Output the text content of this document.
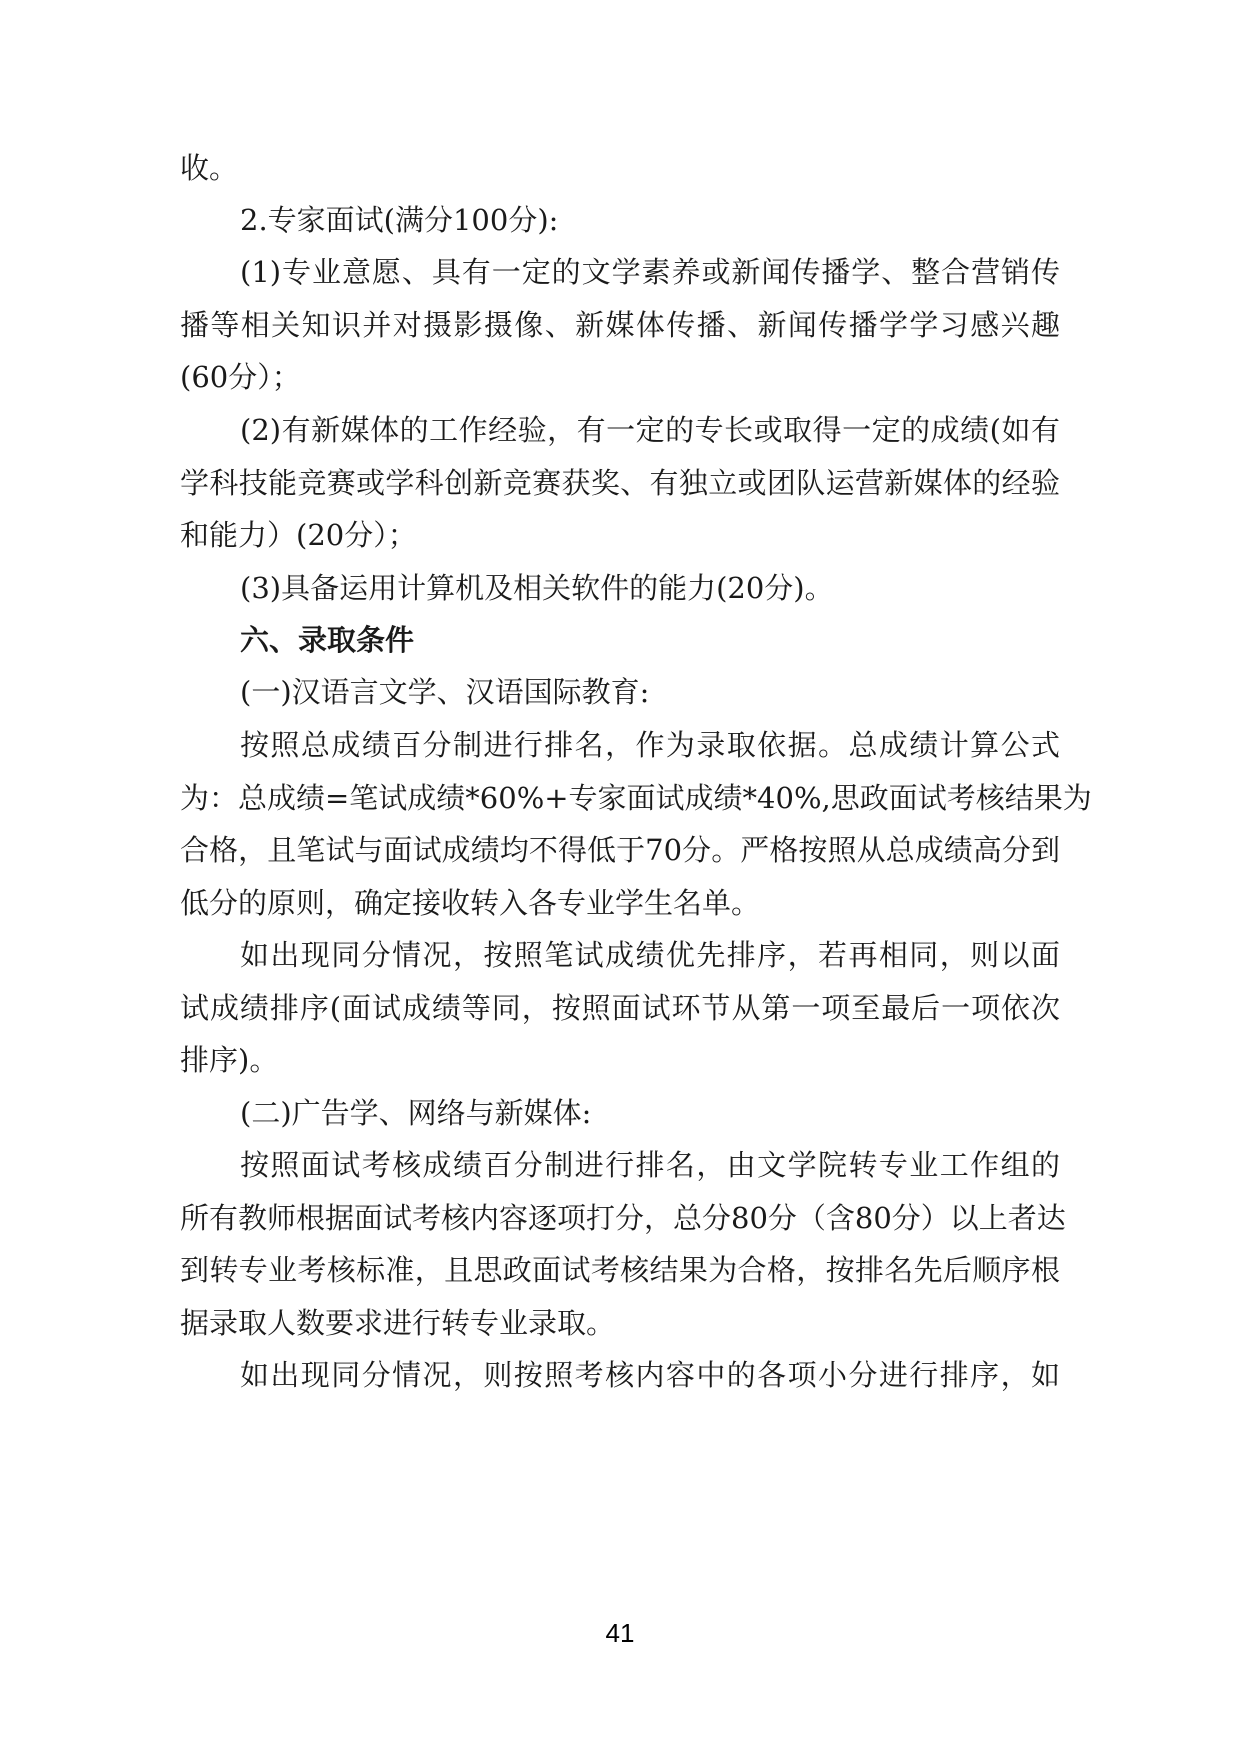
收。
2.专家面试(满分100分):
(1)专业意愿、具有一定的文学素养或新闻传播学、整合营销传
播等相关知识并对摄影摄像、新媒体传播、新闻传播学学习感兴趣
(60分）；
(2)有新媒体的工作经验，有一定的专长或取得一定的成绩(如有
学科技能竞赛或学科创新竞赛获奖、有独立或团队运营新媒体的经验
和能力）(20分）；
(3)具备运用计算机及相关软件的能力(20分)。
六、录取条件
(一)汉语言文学、汉语国际教育:
按照总成绩百分制进行排名，作为录取依据。总成绩计算公式
为：总成绩=笔试成绩*60%+专家面试成绩*40%,思政面试考核结果为
合格，且笔试与面试成绩均不得低于70分。严格按照从总成绩高分到
低分的原则，确定接收转入各专业学生名单。
如出现同分情况，按照笔试成绩优先排序，若再相同，则以面
试成绩排序(面试成绩等同，按照面试环节从第一项至最后一项依次
排序)。
(二)广告学、网络与新媒体:
按照面试考核成绩百分制进行排名，由文学院转专业工作组的
所有教师根据面试考核内容逐项打分，总分80分（含80分）以上者达
到转专业考核标准，且思政面试考核结果为合格，按排名先后顺序根
据录取人数要求进行转专业录取。
如出现同分情况，则按照考核内容中的各项小分进行排序，如
41
